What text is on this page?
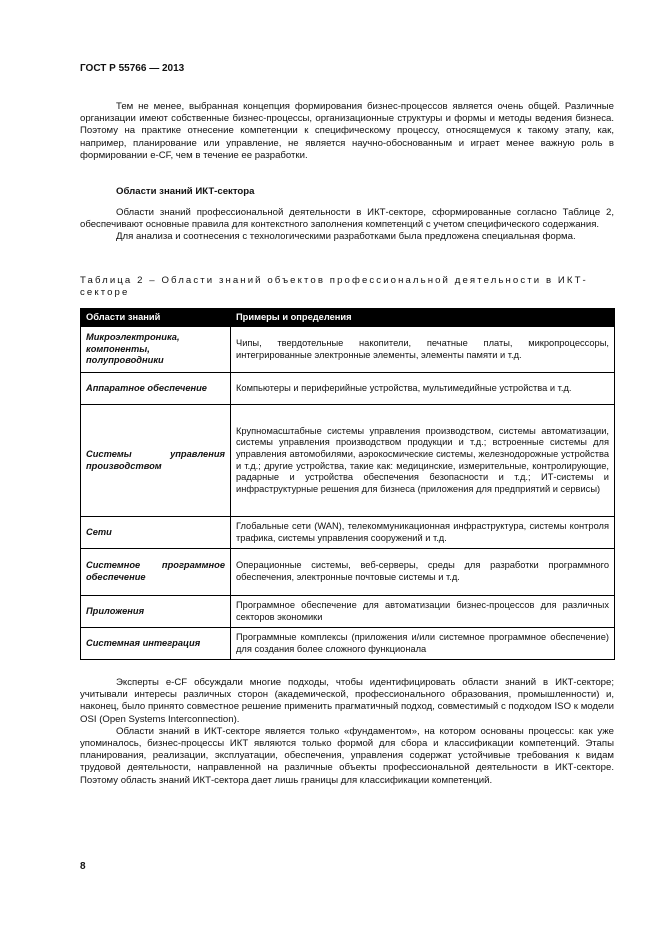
ГОСТ Р 55766 — 2013

Тем не менее, выбранная концепция формирования бизнес-процессов является очень общей. Различные организации имеют собственные бизнес-процессы, организационные структуры и формы и методы ведения бизнеса. Поэтому на практике отнесение компетенции к специфическому процессу, относящемуся к такому этапу, как, например, планирование или управление, не является научно-обоснованным и играет менее важную роль в формировании e-CF, чем в течение ее разработки.

Области знаний ИКТ-сектора

Области знаний профессиональной деятельности в ИКТ-секторе, сформированные согласно Таблице 2, обеспечивают основные правила для контекстного заполнения компетенций с учетом специфического содержания.

Для анализа и соотнесения с технологическими разработками была предложена специальная форма.

Таблица 2 – Области знаний объектов профессиональной деятельности в ИКТ-секторе
Области знаний	Примеры и определения
Микроэлектроника, компоненты, полупроводники	Чипы, твердотельные накопители, печатные платы, микропроцессоры, интегрированные электронные элементы, элементы памяти и т.д.
Аппаратное обеспечение	Компьютеры и периферийные устройства, мультимедийные устройства и т.д.
Системы управления производством	Крупномасштабные системы управления производством, системы автоматизации, системы управления производством продукции и т.д.; встроенные системы для управления автомобилями, аэрокосмические системы, железнодорожные устройства и т.д.; другие устройства, такие как: медицинские, измерительные, контролирующие, радарные и устройства обеспечения безопасности и т.д.; ИТ-системы и инфраструктурные решения для бизнеса (приложения для предприятий и сервисы)
Сети	Глобальные сети (WAN), телекоммуникационная инфраструктура, системы контроля трафика, системы управления сооружений и т.д.
Системное программное обеспечение	Операционные системы, веб-серверы, среды для разработки программного обеспечения, электронные почтовые системы и т.д.
Приложения	Программное обеспечение для автоматизации бизнес-процессов для различных секторов экономики
Системная интеграция	Программные комплексы (приложения и/или системное программное обеспечение) для создания более сложного функционала

Эксперты e-CF обсуждали многие подходы, чтобы идентифицировать области знаний в ИКТ-секторе; учитывали интересы различных сторон (академической, профессионального образования, промышленности) и, наконец, было принято совместное решение применить прагматичный подход, совместимый с подходом ISO к модели OSI (Open Systems Interconnection).

Области знаний в ИКТ-секторе является только «фундаментом», на котором основаны процессы: как уже упоминалось, бизнес-процессы ИКТ являются только формой для сбора и классификации компетенций. Этапы планирования, реализации, эксплуатации, обеспечения, управления содержат устойчивые требования к видам трудовой деятельности, направленной на различные объекты профессиональной деятельности в ИКТ-секторе. Поэтому область знаний ИКТ-сектора дает лишь границы для классификации компетенций.

8
